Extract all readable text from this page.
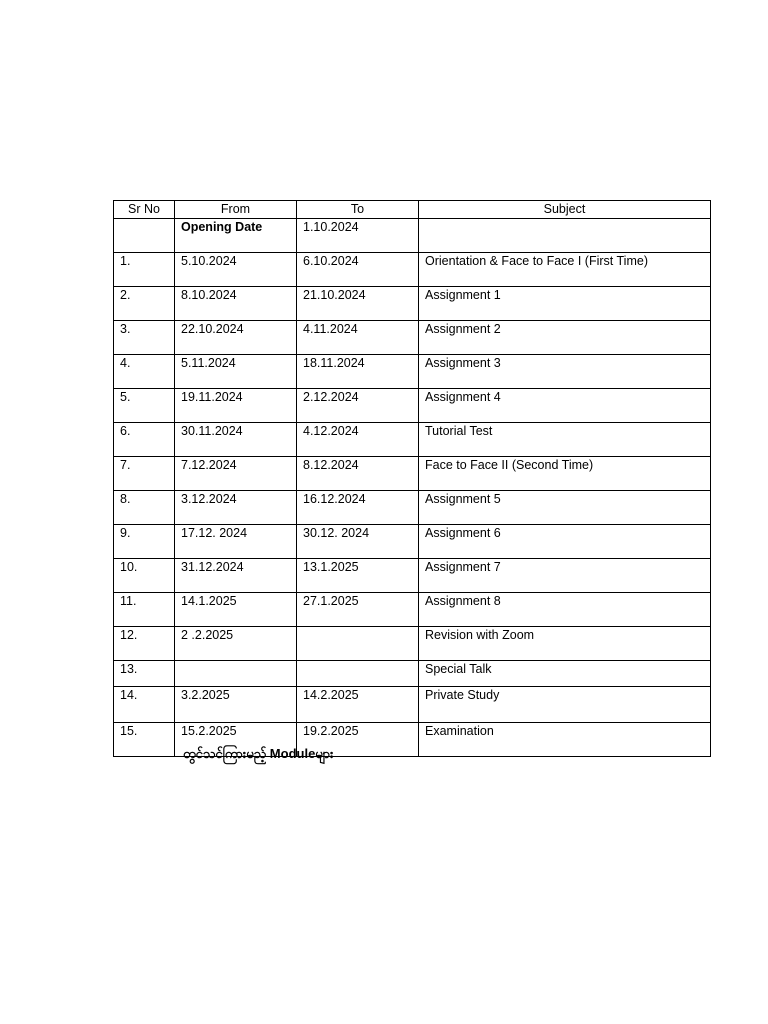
Sr No	From	To	Subject
	Opening Date	1.10.2024	
1.	5.10.2024	6.10.2024	Orientation & Face to Face I (First Time)
2.	8.10.2024	21.10.2024	Assignment 1
3.	22.10.2024	4.11.2024	Assignment 2
4.	5.11.2024	18.11.2024	Assignment 3
5.	19.11.2024	2.12.2024	Assignment 4
6.	30.11.2024	4.12.2024	Tutorial Test
7.	7.12.2024	8.12.2024	Face to Face II (Second Time)
8.	3.12.2024	16.12.2024	Assignment 5
9.	17.12. 2024	30.12. 2024	Assignment 6
10.	31.12.2024	13.1.2025	Assignment 7
11.	14.1.2025	27.1.2025	Assignment 8
12.	2 .2.2025		Revision with Zoom
13.			Special Talk
14.	3.2.2025	14.2.2025	Private Study
15.	15.2.2025	19.2.2025	Examination
တွင်သင်ကြားမည့် Moduleများ
